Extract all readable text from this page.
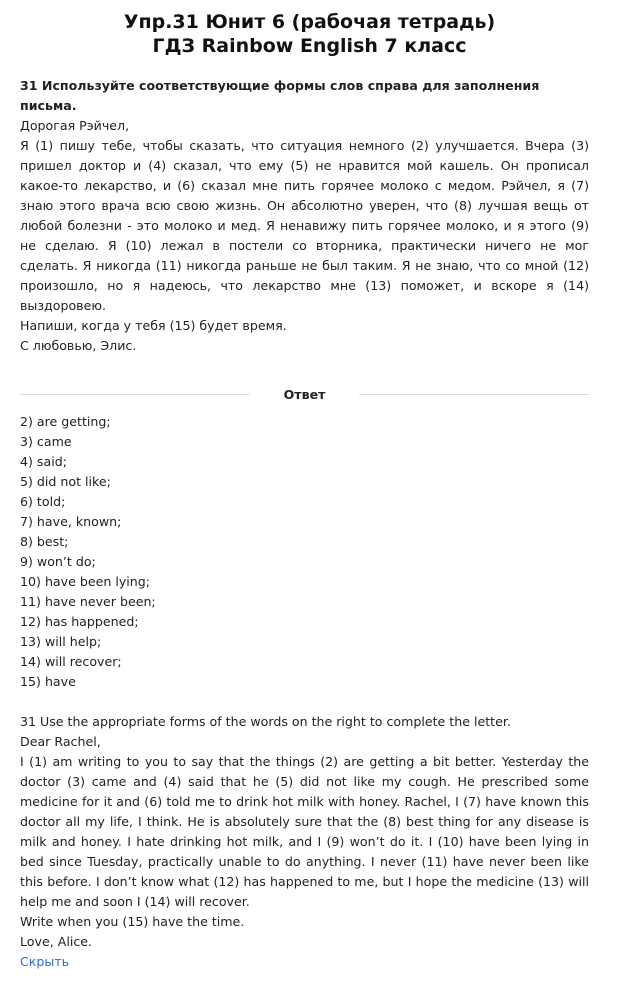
Упр.31 Юнит 6 (рабочая тетрадь)
ГДЗ Rainbow English 7 класс
31 Используйте соответствующие формы слов справа для заполнения письма.
Дорогая Рэйчел,
Я (1) пишу тебе, чтобы сказать, что ситуация немного (2) улучшается. Вчера (3) пришел доктор и (4) сказал, что ему (5) не нравится мой кашель. Он прописал какое-то лекарство, и (6) сказал мне пить горячее молоко с медом. Рэйчел, я (7) знаю этого врача всю свою жизнь. Он абсолютно уверен, что (8) лучшая вещь от любой болезни - это молоко и мед. Я ненавижу пить горячее молоко, и я этого (9) не сделаю. Я (10) лежал в постели со вторника, практически ничего не мог сделать. Я никогда (11) никогда раньше не был таким. Я не знаю, что со мной (12) произошло, но я надеюсь, что лекарство мне (13) поможет, и вскоре я (14) выздоровею.
Напиши, когда у тебя (15) будет время.
С любовью, Элис.
Ответ
2) are getting;
3) came
4) said;
5) did not like;
6) told;
7) have, known;
8) best;
9) won’t do;
10) have been lying;
11) have never been;
12) has happened;
13) will help;
14) will recover;
15) have
31 Use the appropriate forms of the words on the right to complete the letter.
Dear Rachel,
I (1) am writing to you to say that the things (2) are getting a bit better. Yesterday the doctor (3) came and (4) said that he (5) did not like my cough. He prescribed some medicine for it and (6) told me to drink hot milk with honey. Rachel, I (7) have known this doctor all my life, I think. He is absolutely sure that the (8) best thing for any disease is milk and honey. I hate drinking hot milk, and I (9) won’t do it. I (10) have been lying in bed since Tuesday, practically unable to do anything. I never (11) have never been like this before. I don’t know what (12) has happened to me, but I hope the medicine (13) will help me and soon I (14) will recover.
Write when you (15) have the time.
Love, Alice.
Скрыть
